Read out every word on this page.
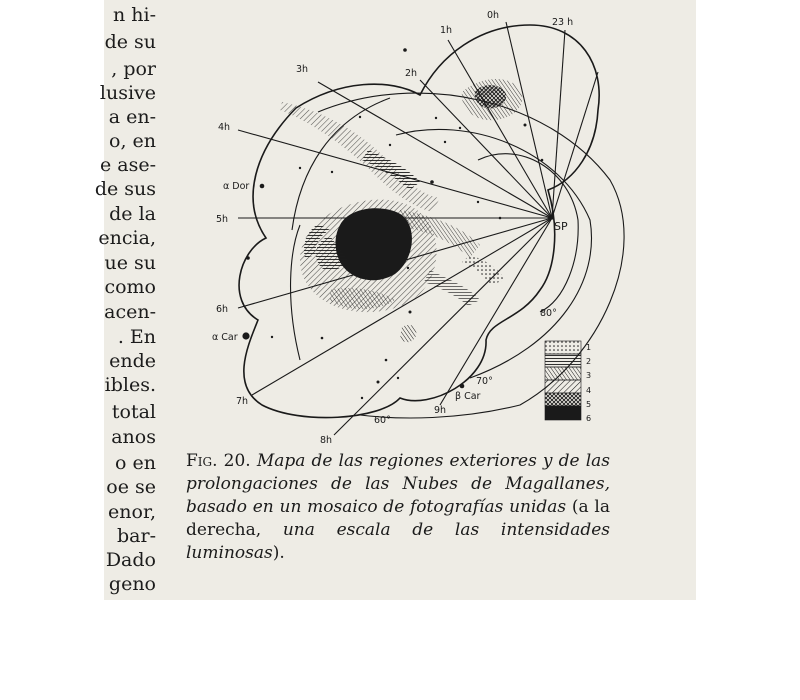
n hi-
de su
, por
lusive
a en-
o, en
e ase-
de sus
de la
encia,
ue su
como
acen-
. En
ende
ibles.
total
anos
o en
oe se
enor,
bar-
Dado
geno
0h
1h
23 h
2h
3h
4h
5h
6h
7h
8h
9h
α Dor
α Car
β Car
SP
60°
70°
80°
1
2
3
4
5
6
Fig. 20. Mapa de las regiones exteriores y de las prolongaciones de las Nubes de Magallanes, basado en un mosaico de fotografías unidas (a la derecha, una escala de las intensidades luminosas).
